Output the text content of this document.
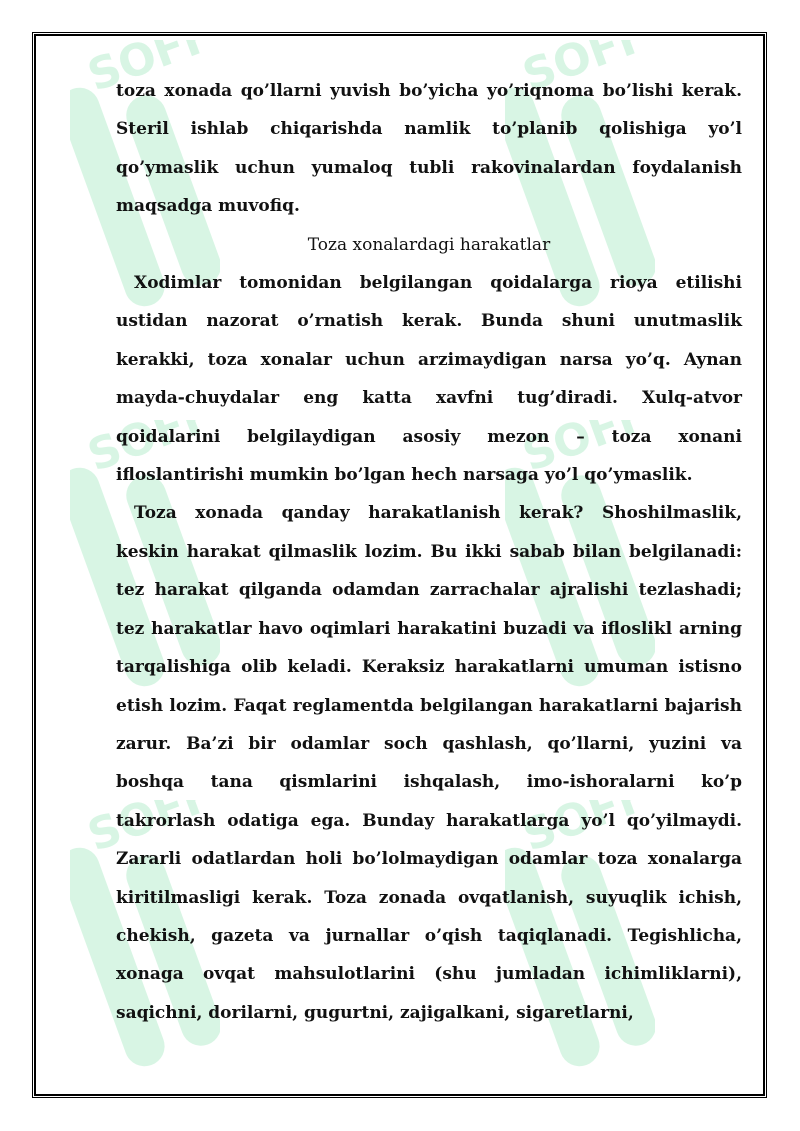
SOFF	SOFF
SOFF	SOFF
SOFF	SOFF

toza xonada qo’llarni yuvish bo’yicha yo’riqnoma bo’lishi kerak. Steril ishlab chiqarishda namlik to’planib qolishiga yo’l qo’ymaslik uchun yumaloq tubli rakovinalardan foydalanish maqsadga muvofiq.

Toza xonalardagi harakatlar

Xodimlar tomonidan belgilangan qoidalarga rioya etilishi ustidan nazorat o’rnatish kerak. Bunda shuni unutmaslik kerakki, toza xonalar uchun arzimaydigan narsa yo’q. Aynan mayda-chuydalar eng katta xavfni tug’diradi. Xulq-atvor qoidalarini belgilaydigan asosiy mezon – toza xonani ifloslantirishi mumkin bo’lgan hech narsaga yo’l qo’ymaslik.

Toza xonada qanday harakatlanish kerak? Shoshilmaslik, keskin harakat qilmaslik lozim. Bu ikki sabab bilan belgilanadi: tez harakat qilganda odamdan zarrachalar ajralishi tezlashadi; tez harakatlar havo oqimlari harakatini buzadi va ifloslikl arning tarqalishiga olib keladi. Keraksiz harakatlarni umuman istisno etish lozim. Faqat reglamentda belgilangan harakatlarni bajarish zarur. Ba’zi bir odamlar soch qashlash, qo’llarni, yuzini va boshqa tana qismlarini ishqalash, imo-ishoralarni ko’p takrorlash odatiga ega. Bunday harakatlarga yo’l qo’yilmaydi. Zararli odatlardan holi bo’lolmaydigan odamlar toza xonalarga kiritilmasligi kerak. Toza zonada ovqatlanish, suyuqlik ichish, chekish, gazeta va jurnallar o’qish taqiqlanadi. Tegishlicha, xonaga ovqat mahsulotlarini (shu jumladan ichimliklarni), saqichni, dorilarni, gugurtni, zajigalkani, sigaretlarni,
